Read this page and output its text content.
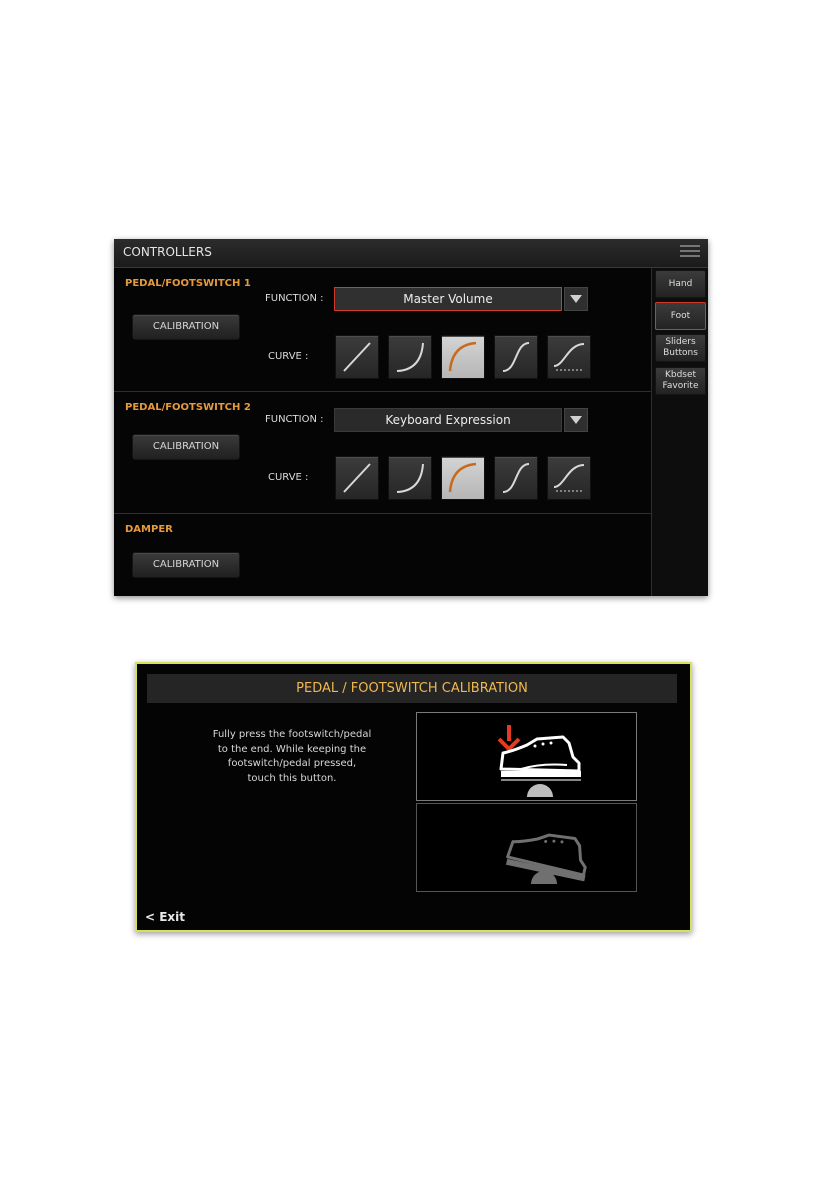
CONTROLLERS
PEDAL/FOOTSWITCH 1
CALIBRATION
FUNCTION :	Master Volume
CURVE :
PEDAL/FOOTSWITCH 2
CALIBRATION
FUNCTION :	Keyboard Expression
CURVE :
DAMPER
CALIBRATION
Hand
Foot
Sliders
Buttons
Kbdset
Favorite
PEDAL / FOOTSWITCH CALIBRATION
Fully press the footswitch/pedal
to the end. While keeping the
footswitch/pedal pressed,
touch this button.
< Exit
